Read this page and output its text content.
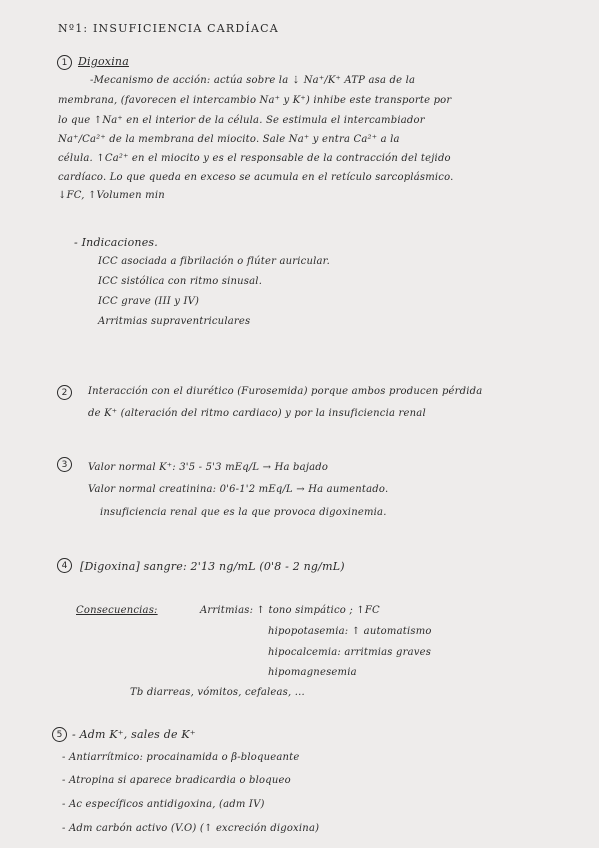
Nº1: INSUFICIENCIA CARDÍACA
1 Digoxina
-Mecanismo de acción: actúa sobre la ⇣ Na⁺/K⁺ ATP asa de la
membrana, (favorecen el intercambio Na⁺ y K⁺) inhibe este transporte por
lo que ↑Na⁺ en el interior de la célula. Se estimula el intercambiador
Na⁺/Ca²⁺ de la membrana del miocito. Sale Na⁺ y entra Ca²⁺ a la
célula. ↑Ca²⁺ en el miocito y es el responsable de la contracción del tejido
cardíaco. Lo que queda en exceso se acumula en el retículo sarcoplásmico.
↓FC, ↑Volumen min
- Indicaciones.
ICC asociada a fibrilación o flúter auricular.
ICC sistólica con ritmo sinusal.
ICC grave (III y IV)
Arritmias supraventriculares
2	Interacción con el diurético (Furosemida) porque ambos producen pérdida
de K⁺ (alteración del ritmo cardiaco) y por la insuficiencia renal
3	Valor normal K⁺: 3'5 - 5'3 mEq/L → Ha bajado
Valor normal creatinina: 0'6-1'2 mEq/L → Ha aumentado.
insuficiencia renal que es la que provoca digoxinemia.
4	[Digoxina] sangre: 2'13 ng/mL (0'8 - 2 ng/mL)
Consecuencias:	Arritmias: ↑ tono simpático ; ↑FC
hipopotasemia: ↑ automatismo
hipocalcemia: arritmias graves
hipomagnesemia
Tb diarreas, vómitos, cefaleas, ...
5 - Adm K⁺, sales de K⁺
- Antiarrítmico: procainamida o β-bloqueante
- Atropina si aparece bradicardia o bloqueo
- Ac específicos antidigoxina, (adm IV)
- Adm carbón activo (V.O) (↑ excreción digoxina)
